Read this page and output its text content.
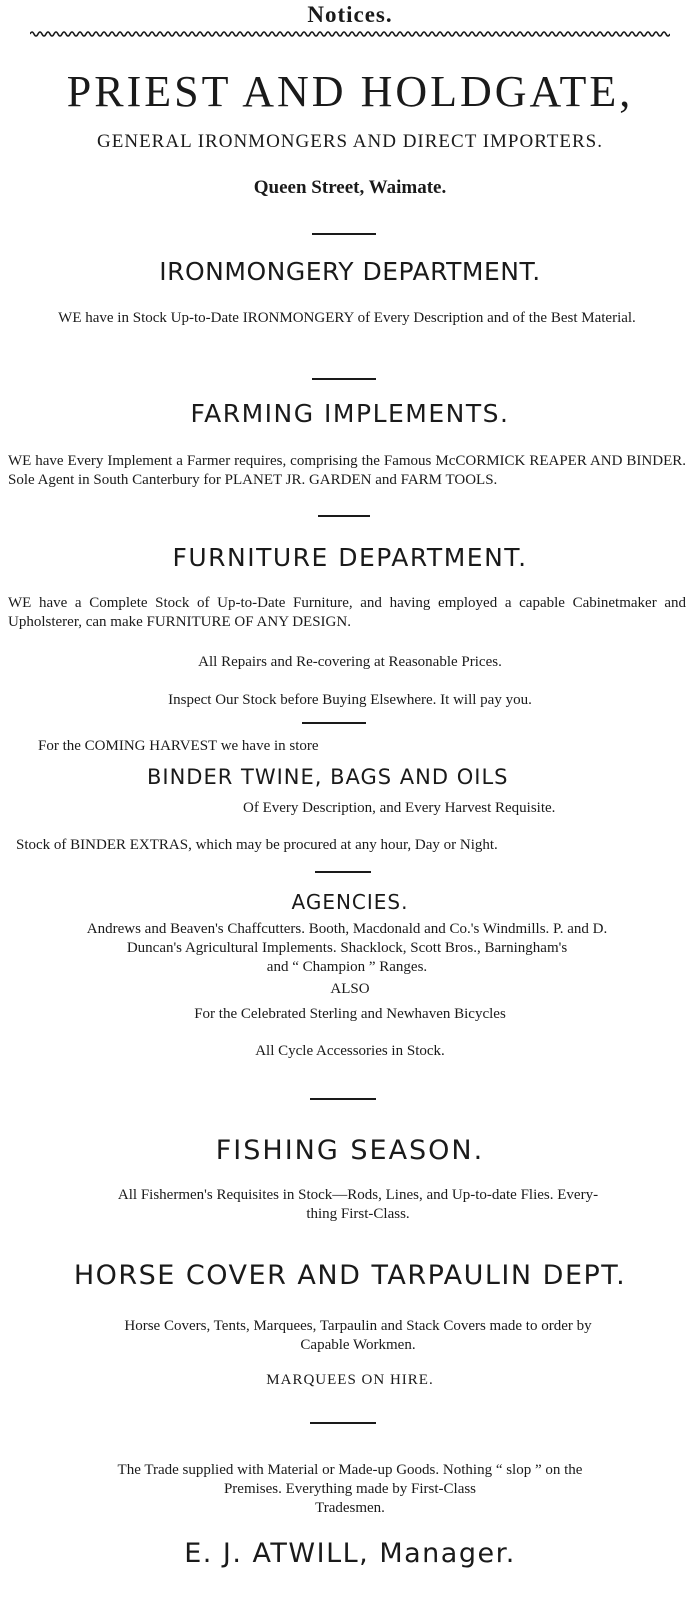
Notices.
PRIEST AND HOLDGATE,
GENERAL IRONMONGERS AND DIRECT IMPORTERS.
Queen Street, Waimate.
IRONMONGERY DEPARTMENT.
WE have in Stock Up-to-Date IRONMONGERY of Every Description and of the Best Material.
FARMING IMPLEMENTS.
WE have Every Implement a Farmer requires, comprising the Famous McCORMICK REAPER AND BINDER. Sole Agent in South Canterbury for PLANET JR. GARDEN and FARM TOOLS.
FURNITURE DEPARTMENT.
WE have a Complete Stock of Up-to-Date Furniture, and having employed a capable Cabinetmaker and Upholsterer, can make FURNITURE OF ANY DESIGN.
All Repairs and Re-covering at Reasonable Prices.
Inspect Our Stock before Buying Elsewhere. It will pay you.
For the COMING HARVEST we have in store
BINDER TWINE, BAGS AND OILS
Of Every Description, and Every Harvest Requisite.
Stock of BINDER EXTRAS, which may be procured at any hour, Day or Night.
AGENCIES.
Andrews and Beaven's Chaffcutters. Booth, Macdonald and Co.'s Windmills. P. and D.
Duncan's Agricultural Implements. Shacklock, Scott Bros., Barningham's
and “ Champion ” Ranges.
ALSO
For the Celebrated Sterling and Newhaven Bicycles
All Cycle Accessories in Stock.
FISHING SEASON.
All Fishermen's Requisites in Stock—Rods, Lines, and Up-to-date Flies. Every-
thing First-Class.
HORSE COVER AND TARPAULIN DEPT.
Horse Covers, Tents, Marquees, Tarpaulin and Stack Covers made to order by
Capable Workmen.
MARQUEES ON HIRE.
The Trade supplied with Material or Made-up Goods. Nothing “ slop ” on the
Premises. Everything made by First-Class
Tradesmen.
E. J. ATWILL, Manager.
